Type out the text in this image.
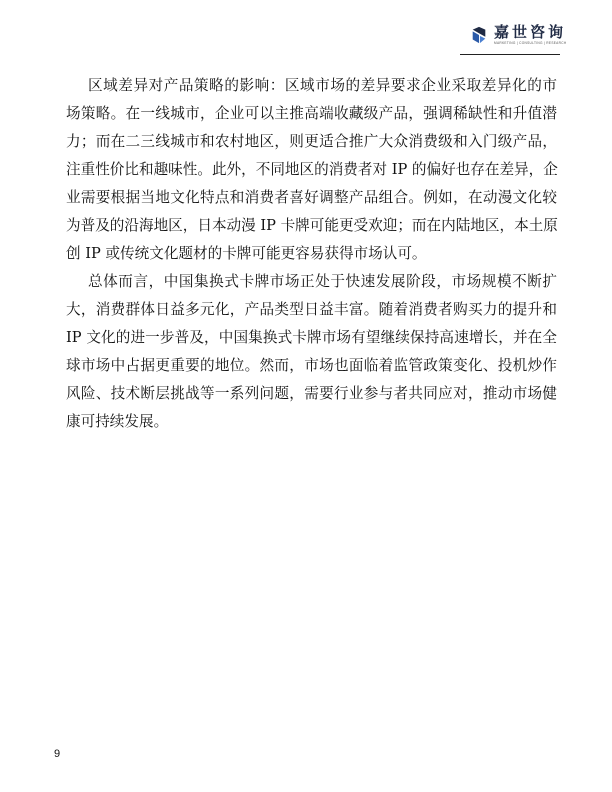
嘉世咨询
MARKETING | CONSULTING | RESEARCH
区域差异对产品策略的影响：区域市场的差异要求企业采取差异化的市
场策略。在一线城市，企业可以主推高端收藏级产品，强调稀缺性和升值潜
力；而在二三线城市和农村地区，则更适合推广大众消费级和入门级产品，
注重性价比和趣味性。此外，不同地区的消费者对 IP 的偏好也存在差异，企
业需要根据当地文化特点和消费者喜好调整产品组合。例如，在动漫文化较
为普及的沿海地区，日本动漫 IP 卡牌可能更受欢迎；而在内陆地区，本土原
创 IP 或传统文化题材的卡牌可能更容易获得市场认可。
总体而言，中国集换式卡牌市场正处于快速发展阶段，市场规模不断扩
大，消费群体日益多元化，产品类型日益丰富。随着消费者购买力的提升和
IP 文化的进一步普及，中国集换式卡牌市场有望继续保持高速增长，并在全
球市场中占据更重要的地位。然而，市场也面临着监管政策变化、投机炒作
风险、技术断层挑战等一系列问题，需要行业参与者共同应对，推动市场健
康可持续发展。
9
